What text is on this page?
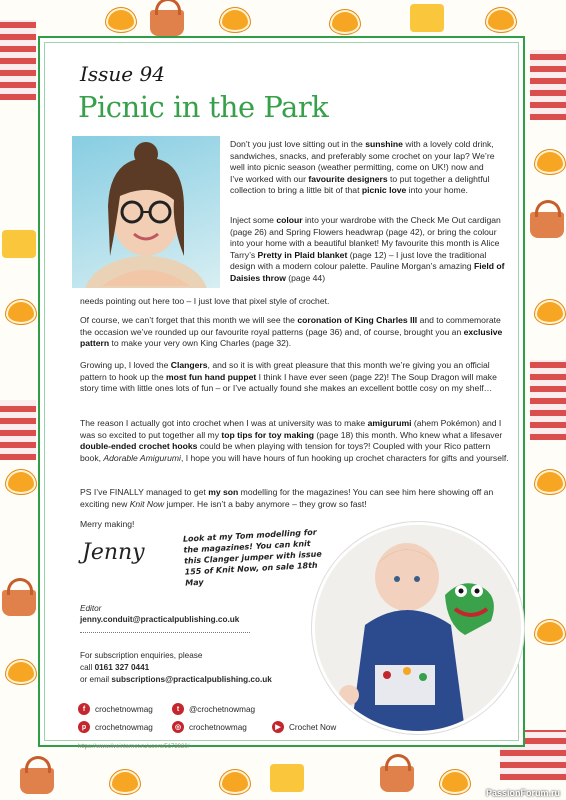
Issue 94
Picnic in the Park

Don’t you just love sitting out in the sunshine with a lovely cold drink, sandwiches, snacks, and preferably some crochet on your lap? We’re well into picnic season (weather permitting, come on UK!) now and I’ve worked with our favourite designers to put together a delightful collection to bring a little bit of that picnic love into your home.

Inject some colour into your wardrobe with the Check Me Out cardigan (page 26) and Spring Flowers headwrap (page 42), or bring the colour into your home with a beautiful blanket! My favourite this month is Alice Tarry’s Pretty in Plaid blanket (page 12) – I just love the traditional design with a modern colour palette. Pauline Morgan’s amazing Field of Daisies throw (page 44)

needs pointing out here too – I just love that pixel style of crochet.

Of course, we can’t forget that this month we will see the coronation of King Charles III and to commemorate the occasion we’ve rounded up our favourite royal patterns (page 36) and, of course, brought you an exclusive pattern to make your very own King Charles (page 32).

Growing up, I loved the Clangers, and so it is with great pleasure that this month we’re giving you an official pattern to hook up the most fun hand puppet I think I have ever seen (page 22)! The Soup Dragon will make story time with little ones lots of fun – or I’ve actually found she makes an excellent bottle cosy on my shelf…

The reason I actually got into crochet when I was at university was to make amigurumi (ahem Pokémon) and I was so excited to put together all my top tips for toy making (page 18) this month. Who knew what a lifesaver double-ended crochet hooks could be when playing with tension for toys?! Coupled with your Rico pattern book, Adorable Amigurumi, I hope you will have hours of fun hooking up crochet characters for gifts and yourself.

PS I’ve FINALLY managed to get my son modelling for the magazines! You can see him here showing off an exciting new Knit Now jumper. He isn’t a baby anymore – they grow so fast!

Merry making!

Jenny
Look at my Tom modelling for the magazines! You can knit this Clanger jumper with issue 155 of Knit Now, on sale 18th May
Editor
jenny.conduit@practicalpublishing.co.uk
For subscription enquiries, please
call 0161 327 0441
or email subscriptions@practicalpublishing.co.uk
f	crochetnowmag	t	@crochetnowmag
p	crochetnowmag	◎ crochetnowmag	▶	Crochet Now
https://www.liveinternet.ru/users/5173920/
PassionForum.ru
